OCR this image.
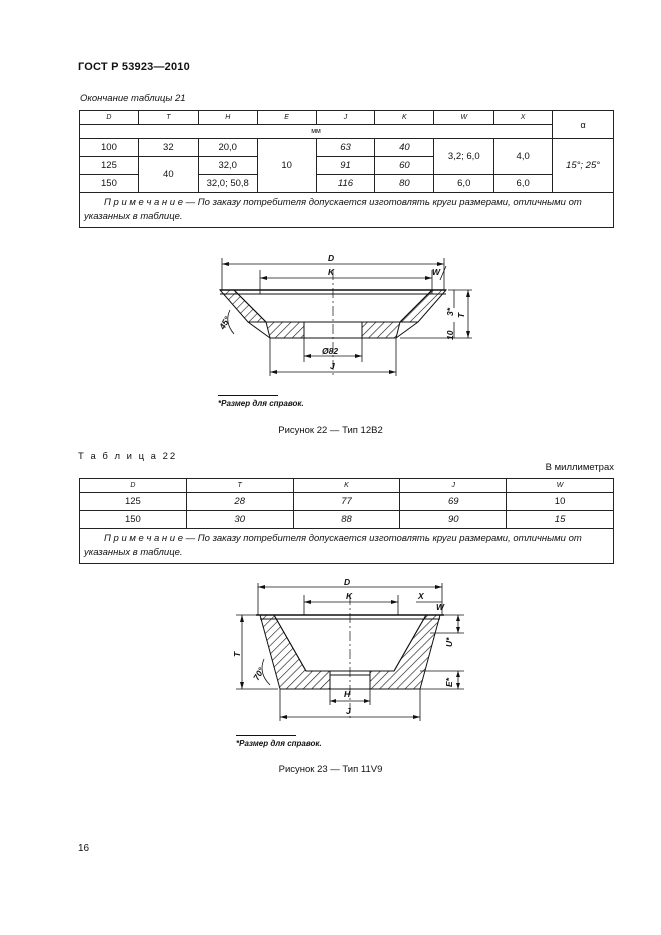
ГОСТ Р 53923—2010
Окончание таблицы 21
D	T	H	E	J	K	W	X	α
мм								
100	32	20,0	10	63	40	3,2; 6,0	4,0	15°; 25°
125	40	32,0		91	60			
150		32,0; 50,8		116	80	6,0	6,0	
П р и м е ч а н и е — По заказу потребителя допускается изготовлять круги размерами, отличными от указанных в таблице.								
D
K	W
T
3*
10
45°
Ø82
J
*Размер для справок.
Рисунок 22 — Тип 12В2
Т а б л и ц а 22
В миллиметрах
D	T	K	J	W
125	28	77	69	10
150	30	88	90	15
П р и м е ч а н и е — По заказу потребителя допускается изготовлять круги размерами, отличными от указанных в таблице.				
D
K	X
W
T
70°
U*
E*
H
J
*Размер для справок.
Рисунок 23 — Тип 11V9
16
